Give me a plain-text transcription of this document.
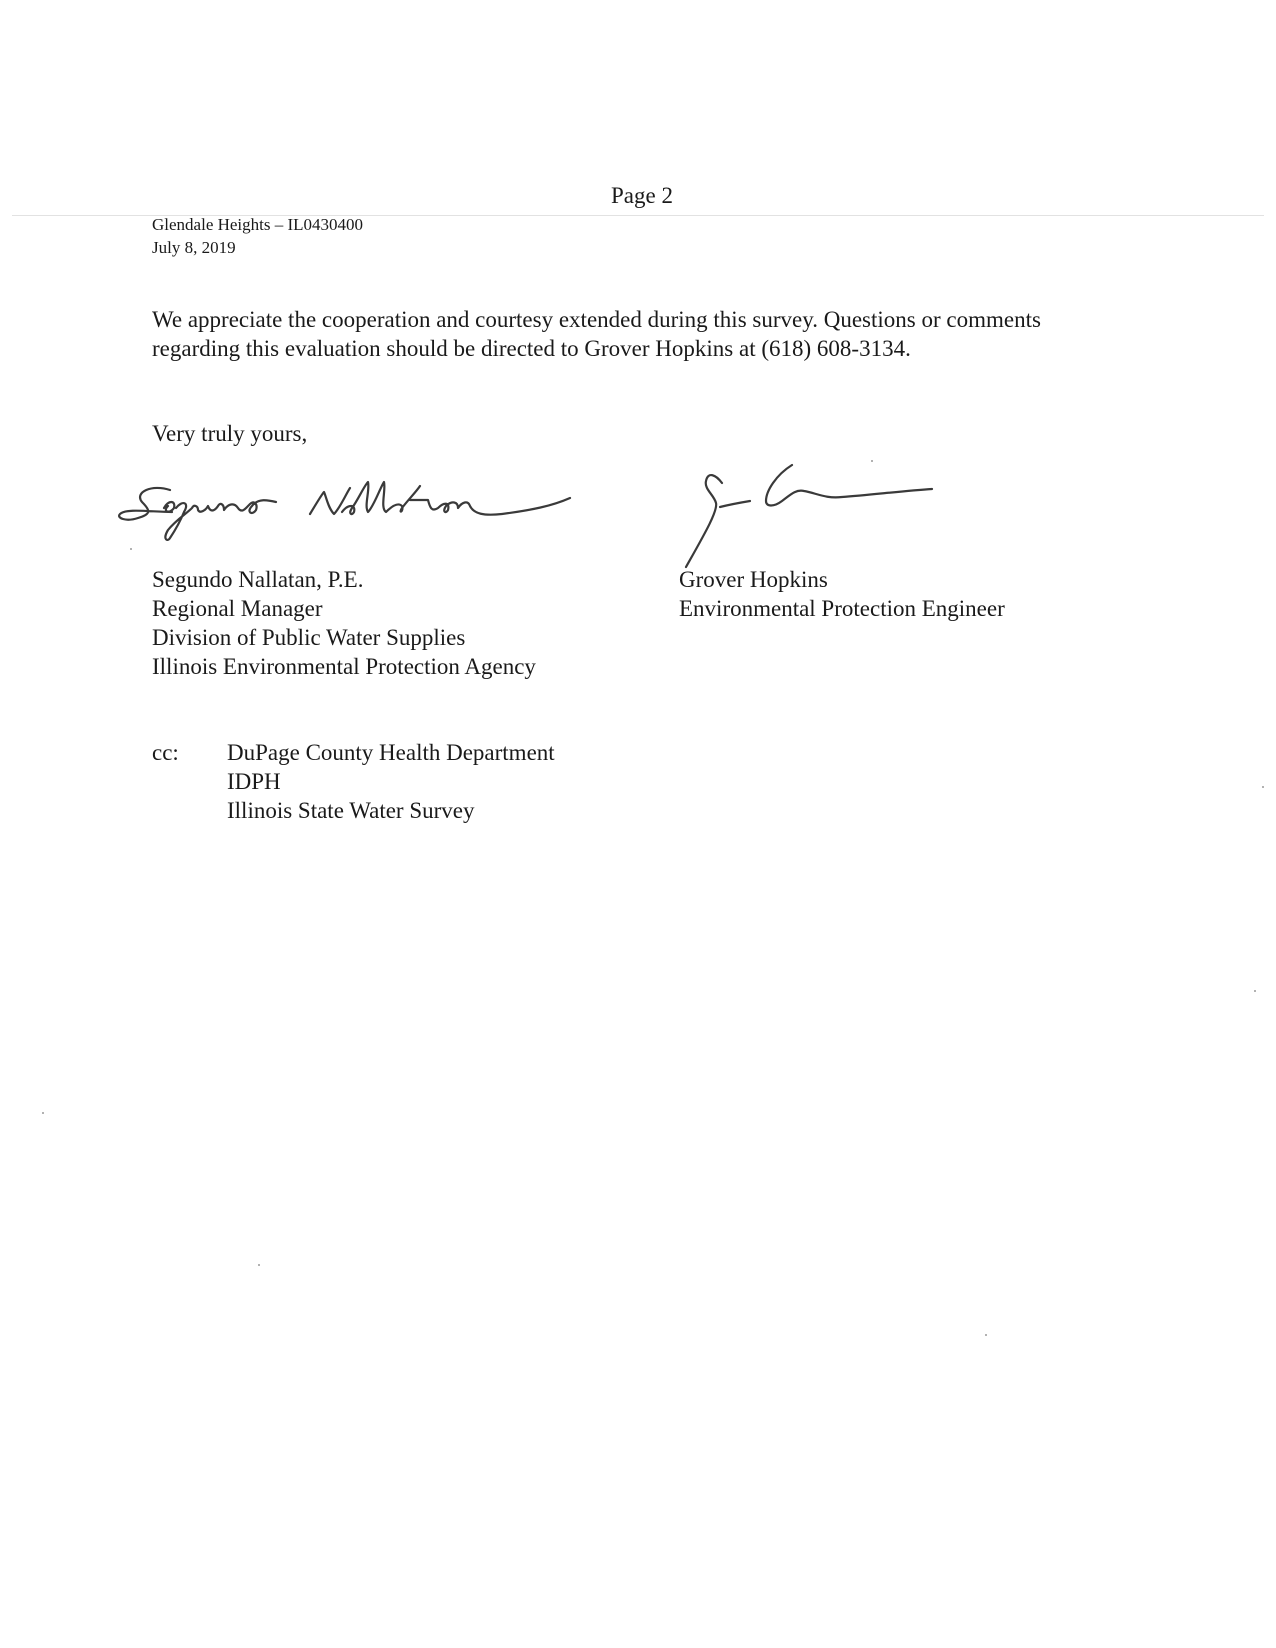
Page 2
Glendale Heights – IL0430400
July 8, 2019
We appreciate the cooperation and courtesy extended during this survey. Questions or comments
regarding this evaluation should be directed to Grover Hopkins at (618) 608-3134.
Very truly yours,
Segundo Nallatan, P.E.
Regional Manager
Division of Public Water Supplies
Illinois Environmental Protection Agency
Grover Hopkins
Environmental Protection Engineer
cc: DuPage County Health Department
IDPH
Illinois State Water Survey
